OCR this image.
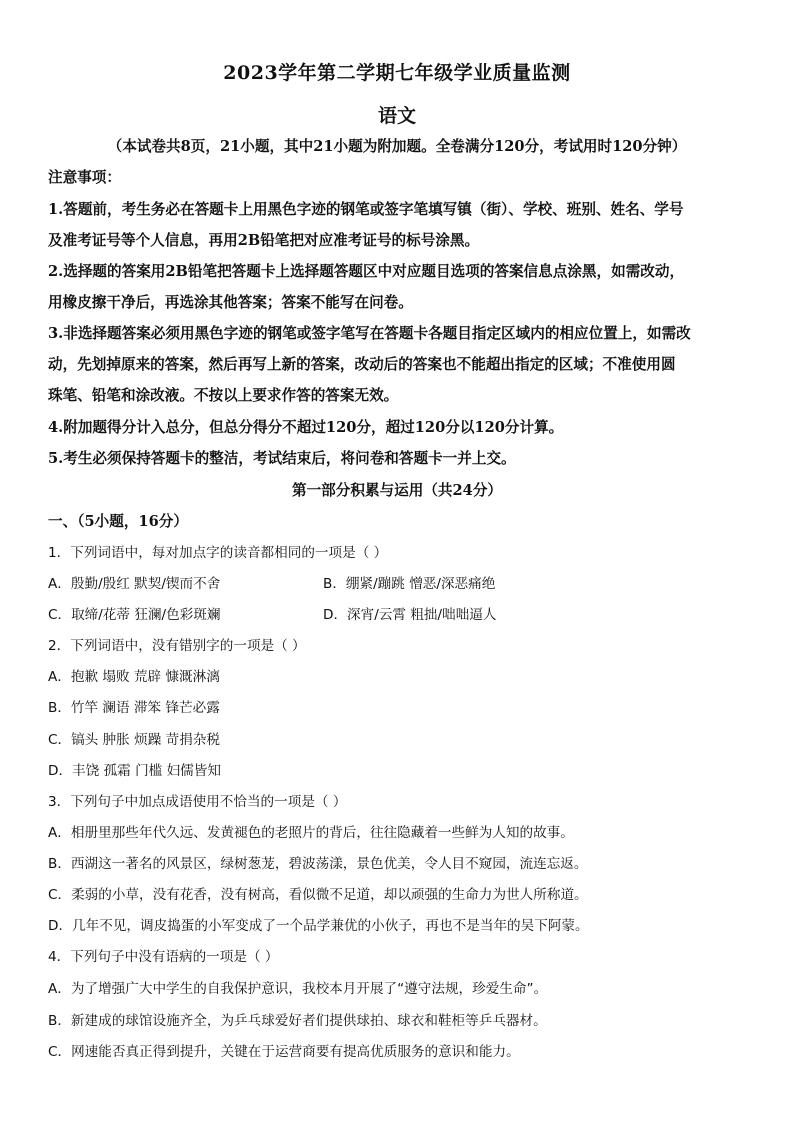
2023学年第二学期七年级学业质量监测
语文
（本试卷共8页，21小题，其中21小题为附加题。全卷满分120分，考试用时120分钟）
注意事项：
1.答题前，考生务必在答题卡上用黑色字迹的钢笔或签字笔填写镇（街）、学校、班别、姓名、学号
及准考证号等个人信息，再用2B铅笔把对应准考证号的标号涂黑。
2.选择题的答案用2B铅笔把答题卡上选择题答题区中对应题目选项的答案信息点涂黑，如需改动，
用橡皮擦干净后，再选涂其他答案；答案不能写在问卷。
3.非选择题答案必须用黑色字迹的钢笔或签字笔写在答题卡各题目指定区域内的相应位置上，如需改
动，先划掉原来的答案，然后再写上新的答案，改动后的答案也不能超出指定的区域；不准使用圆
珠笔、铅笔和涂改液。不按以上要求作答的答案无效。
4.附加题得分计入总分，但总分得分不超过120分，超过120分以120分计算。
5.考生必须保持答题卡的整洁，考试结束后，将问卷和答题卡一并上交。
第一部分积累与运用（共24分）
一、（5小题，16分）
1．下列词语中，每对加点字的读音都相同的一项是（ ）
A．殷勤/殷红 默契/锲而不舍	B．绷紧/蹦跳 憎恶/深恶痛绝
C．取缔/花蒂 狂澜/色彩斑斓	D．深宵/云霄 粗拙/咄咄逼人
2．下列词语中，没有错别字的一项是（ ）
A．抱歉 塌败 荒辟 慷溉淋漓
B．竹竿 澜语 滞笨 锋芒必露
C．镐头 肿胀 烦躁 苛捐杂税
D．丰饶 孤霜 门槛 妇儒皆知
3．下列句子中加点成语使用不恰当的一项是（ ）
A．相册里那些年代久远、发黄褪色的老照片的背后，往往隐藏着一些鲜为人知的故事。
B．西湖这一著名的风景区，绿树葱茏，碧波荡漾，景色优美，令人目不窥园，流连忘返。
C．柔弱的小草，没有花香，没有树高，看似微不足道，却以顽强的生命力为世人所称道。
D．几年不见，调皮捣蛋的小军变成了一个品学兼优的小伙子，再也不是当年的吴下阿蒙。
4．下列句子中没有语病的一项是（ ）
A．为了增强广大中学生的自我保护意识，我校本月开展了“遵守法规，珍爱生命”。
B．新建成的球馆设施齐全，为乒乓球爱好者们提供球拍、球衣和鞋柜等乒乓器材。
C．网速能否真正得到提升，关键在于运营商要有提高优质服务的意识和能力。
